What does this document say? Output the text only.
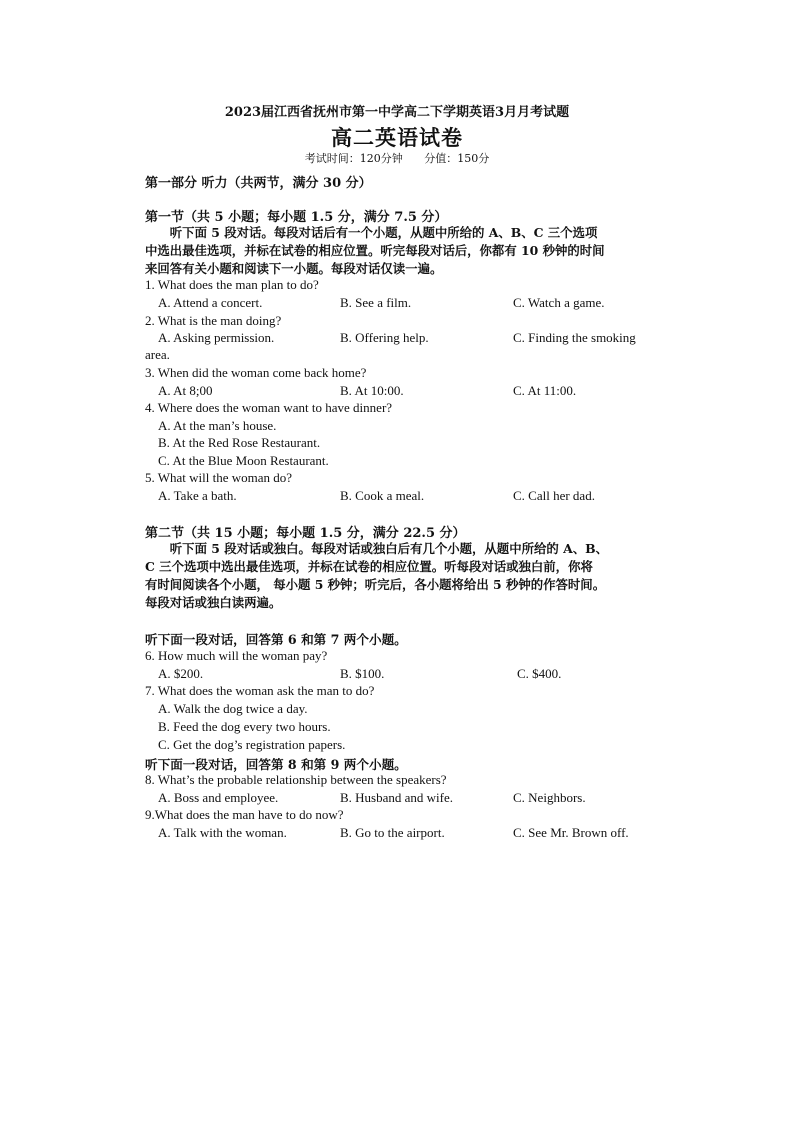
2023届江西省抚州市第一中学高二下学期英语3月月考试题
高二英语试卷
考试时间：120分钟 分值：150分
第一部分 听力（共两节，满分 30 分）
第一节（共 5 小题；每小题 1.5 分，满分 7.5 分）

听下面 5 段对话。每段对话后有一个小题，从题中所给的 A、B、C 三个选项

中选出最佳选项，并标在试卷的相应位置。听完每段对话后，你都有 10 秒钟的时间

来回答有关小题和阅读下一小题。每段对话仅读一遍。

1. What does the man plan to do?
A. Attend a concert.	B. See a film.	C. Watch a game.
2. What is the man doing?
A. Asking permission.	B. Offering help.	C. Finding the smoking
area.
3. When did the woman come back home?
A. At 8;00	B. At 10:00.	C. At 11:00.
4. Where does the woman want to have dinner?
A. At the man’s house.
B. At the Red Rose Restaurant.
C. At the Blue Moon Restaurant.
5. What will the woman do?
A. Take a bath.	B. Cook a meal.	C. Call her dad.
第二节（共 15 小题；每小题 1.5 分，满分 22.5 分）

听下面 5 段对话或独白。每段对话或独白后有几个小题，从题中所给的 A、B、

C 三个选项中选出最佳选项，并标在试卷的相应位置。听每段对话或独白前，你将

有时间阅读各个小题， 每小题 5 秒钟；听完后，各小题将给出 5 秒钟的作答时间。

每段对话或独白读两遍。

听下面一段对话，回答第 6 和第 7 两个小题。
6. How much will the woman pay?
A. $200.	B. $100.	C. $400.
7. What does the woman ask the man to do?
A. Walk the dog twice a day.
B. Feed the dog every two hours.
C. Get the dog’s registration papers.
听下面一段对话，回答第 8 和第 9 两个小题。
8. What’s the probable relationship between the speakers?
A. Boss and employee.	B. Husband and wife.	C. Neighbors.
9.What does the man have to do now?
A. Talk with the woman.	B. Go to the airport.	C. See Mr. Brown off.
